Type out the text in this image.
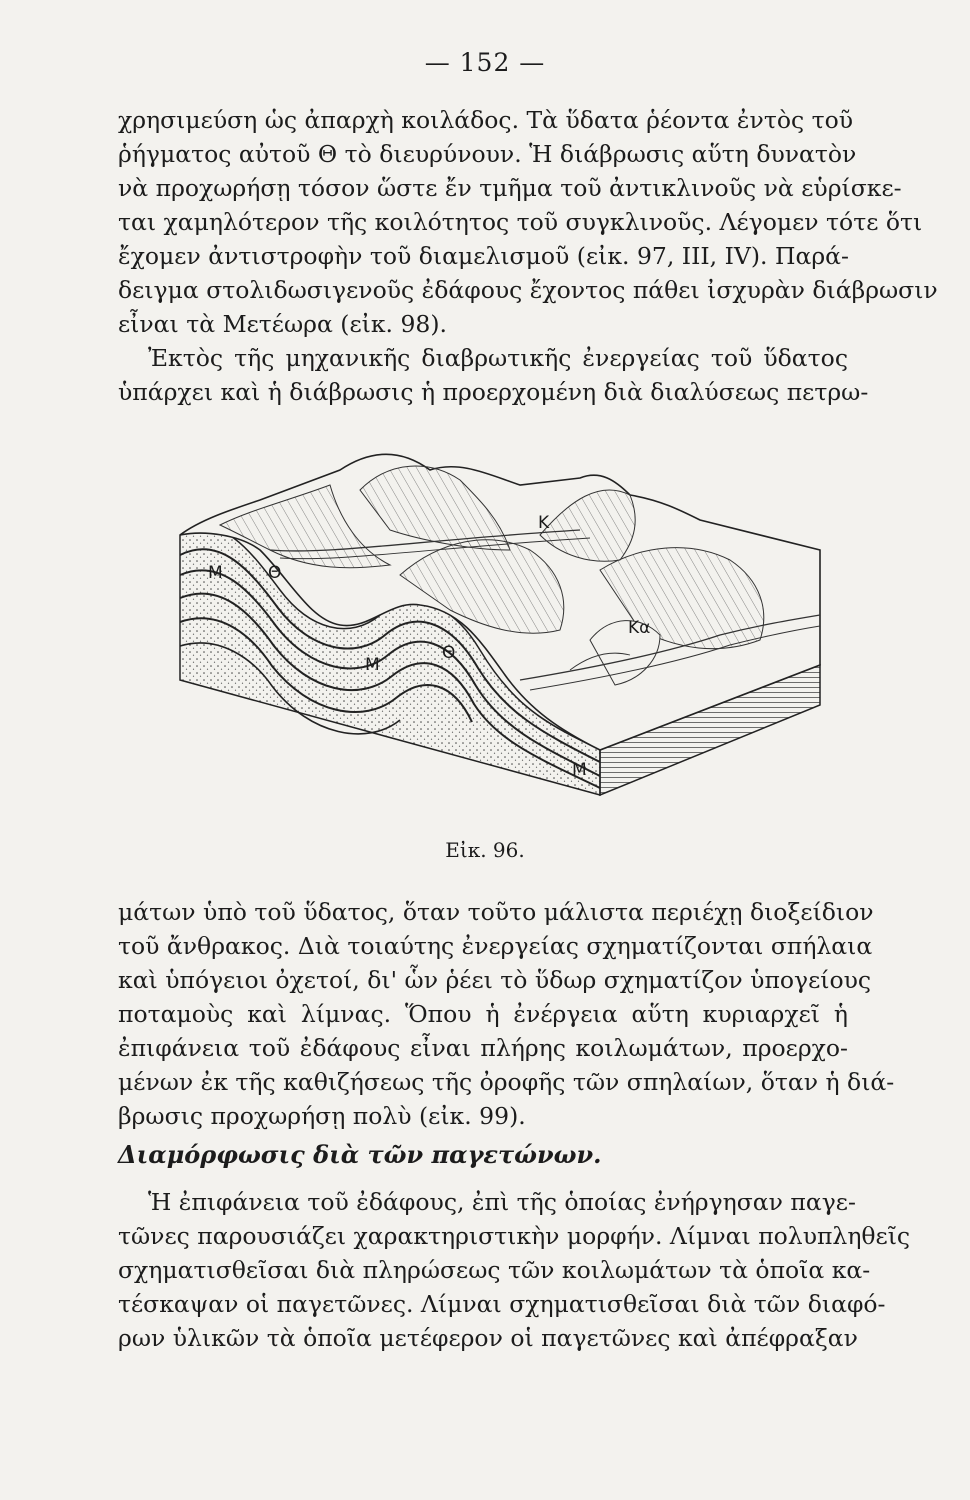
— 152 —
χρησιμεύση ὡς ἀπαρχὴ κοιλάδος. Τὰ ὕδατα ῥέοντα ἐντὸς τοῦ
ῥήγματος αὐτοῦ Θ τὸ διευρύνουν. Ἡ διάβρωσις αὕτη δυνατὸν
νὰ προχωρήσῃ τόσον ὥστε ἔν τμῆμα τοῦ ἀντικλινοῦς νὰ εὑρίσκε-
ται χαμηλότερον τῆς κοιλότητος τοῦ συγκλινοῦς. Λέγομεν τότε ὅτι
ἔχομεν ἀντιστροφὴν τοῦ διαμελισμοῦ (εἰκ. 97, ΙΙΙ, IV). Παρά-
δειγμα στολιδωσιγενοῦς ἐδάφους ἔχοντος πάθει ἰσχυρὰν διάβρωσιν
εἶναι τὰ Μετέωρα (εἰκ. 98).
Ἐκτὸς τῆς μηχανικῆς διαβρωτικῆς ἐνεργείας τοῦ ὕδατος
ὑπάρχει καὶ ἡ διάβρωσις ἡ προερχομένη διὰ διαλύσεως πετρω-
Μ	Θ
Μ
Θ
Κ
Κα
Μ
Εἰκ. 96.
μάτων ὑπὸ τοῦ ὕδατος, ὅταν τοῦτο μάλιστα περιέχῃ διοξείδιον
τοῦ ἄνθρακος. Διὰ τοιαύτης ἐνεργείας σχηματίζονται σπήλαια
καὶ ὑπόγειοι ὀχετοί, δι' ὧν ῥέει τὸ ὕδωρ σχηματίζον ὑπογείους
ποταμοὺς καὶ λίμνας. Ὅπου ἡ ἐνέργεια αὕτη κυριαρχεῖ ἡ
ἐπιφάνεια τοῦ ἐδάφους εἶναι πλήρης κοιλωμάτων, προερχο-
μένων ἐκ τῆς καθιζήσεως τῆς ὀροφῆς τῶν σπηλαίων, ὅταν ἡ διά-
βρωσις προχωρήσῃ πολὺ (εἰκ. 99).
Διαμόρφωσις διὰ τῶν παγετώνων.
Ἡ ἐπιφάνεια τοῦ ἐδάφους, ἐπὶ τῆς ὁποίας ἐνήργησαν παγε-
τῶνες παρουσιάζει χαρακτηριστικὴν μορφήν. Λίμναι πολυπληθεῖς
σχηματισθεῖσαι διὰ πληρώσεως τῶν κοιλωμάτων τὰ ὁποῖα κα-
τέσκαψαν οἱ παγετῶνες. Λίμναι σχηματισθεῖσαι διὰ τῶν διαφό-
ρων ὑλικῶν τὰ ὁποῖα μετέφερον οἱ παγετῶνες καὶ ἀπέφραξαν
